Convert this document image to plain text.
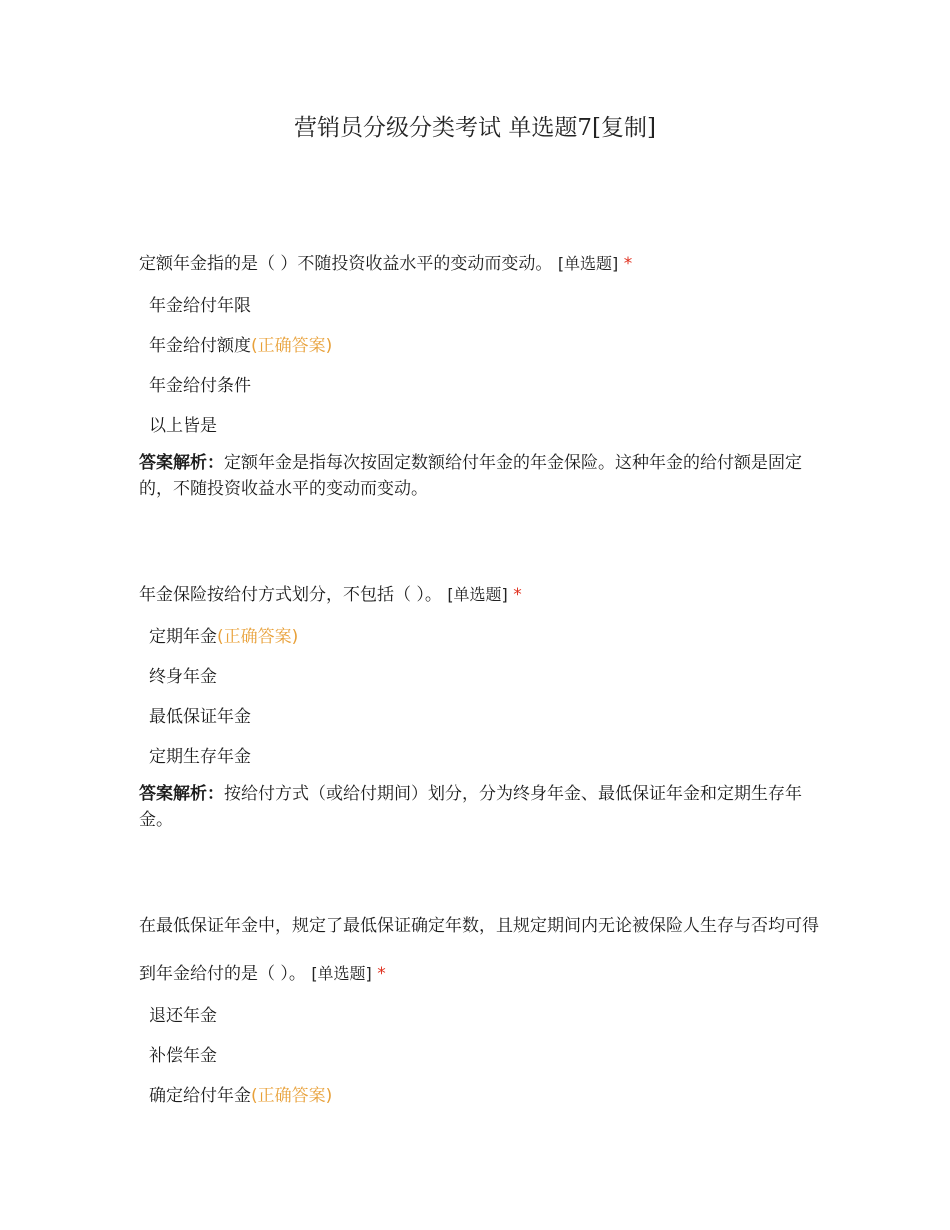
营销员分级分类考试 单选题7[复制]

定额年金指的是（ ）不随投资收益水平的变动而变动。 [单选题] *

年金给付年限
年金给付额度(正确答案)
年金给付条件
以上皆是

答案解析：定额年金是指每次按固定数额给付年金的年金保险。这种年金的给付额是固定的，不随投资收益水平的变动而变动。

年金保险按给付方式划分，不包括（ ）。 [单选题] *

定期年金(正确答案)
终身年金
最低保证年金
定期生存年金

答案解析：按给付方式（或给付期间）划分，分为终身年金、最低保证年金和定期生存年金。

在最低保证年金中，规定了最低保证确定年数，且规定期间内无论被保险人生存与否均可得到年金给付的是（ ）。 [单选题] *

退还年金
补偿年金
确定给付年金(正确答案)
